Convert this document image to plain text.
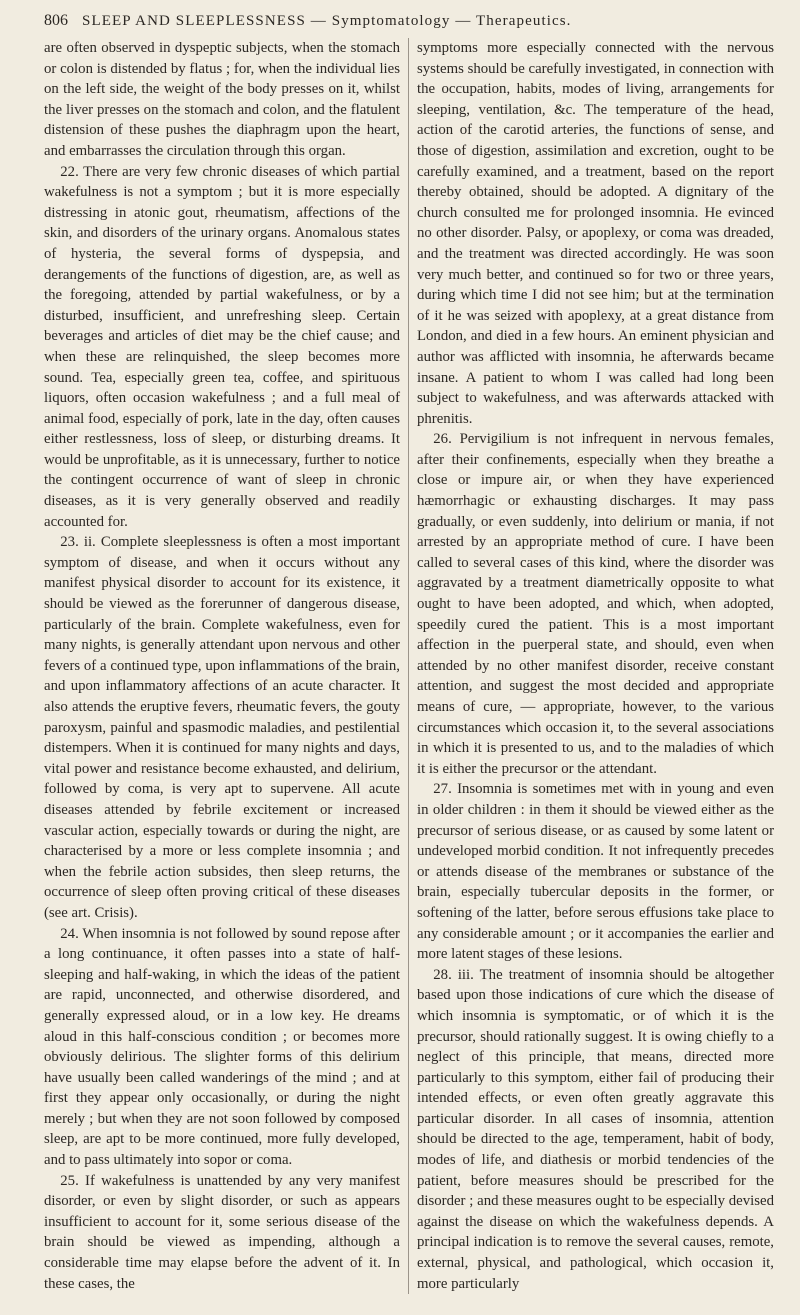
806 SLEEP AND SLEEPLESSNESS — Symptomatology — Therapeutics.

are often observed in dyspeptic subjects, when the stomach or colon is distended by flatus ; for, when the individual lies on the left side, the weight of the body presses on it, whilst the liver presses on the stomach and colon, and the flatulent distension of these pushes the diaphragm upon the heart, and embarrasses the circulation through this organ.

22. There are very few chronic diseases of which partial wakefulness is not a symptom ; but it is more especially distressing in atonic gout, rheumatism, affections of the skin, and disorders of the urinary organs. Anomalous states of hysteria, the several forms of dyspepsia, and derangements of the functions of digestion, are, as well as the foregoing, attended by partial wakefulness, or by a disturbed, insufficient, and unrefreshing sleep. Certain beverages and articles of diet may be the chief cause; and when these are relinquished, the sleep becomes more sound. Tea, especially green tea, coffee, and spirituous liquors, often occasion wakefulness ; and a full meal of animal food, especially of pork, late in the day, often causes either restlessness, loss of sleep, or disturbing dreams. It would be unprofitable, as it is unnecessary, further to notice the contingent occurrence of want of sleep in chronic diseases, as it is very generally observed and readily accounted for.

23. ii. Complete sleeplessness is often a most important symptom of disease, and when it occurs without any manifest physical disorder to account for its existence, it should be viewed as the forerunner of dangerous disease, particularly of the brain. Complete wakefulness, even for many nights, is generally attendant upon nervous and other fevers of a continued type, upon inflammations of the brain, and upon inflammatory affections of an acute character. It also attends the eruptive fevers, rheumatic fevers, the gouty paroxysm, painful and spasmodic maladies, and pestilential distempers. When it is continued for many nights and days, vital power and resistance become exhausted, and delirium, followed by coma, is very apt to supervene. All acute diseases attended by febrile excitement or increased vascular action, especially towards or during the night, are characterised by a more or less complete insomnia ; and when the febrile action subsides, then sleep returns, the occurrence of sleep often proving critical of these diseases (see art. Crisis).

24. When insomnia is not followed by sound repose after a long continuance, it often passes into a state of half-sleeping and half-waking, in which the ideas of the patient are rapid, unconnected, and otherwise disordered, and generally expressed aloud, or in a low key. He dreams aloud in this half-conscious condition ; or becomes more obviously delirious. The slighter forms of this delirium have usually been called wanderings of the mind ; and at first they appear only occasionally, or during the night merely ; but when they are not soon followed by composed sleep, are apt to be more continued, more fully developed, and to pass ultimately into sopor or coma.

25. If wakefulness is unattended by any very manifest disorder, or even by slight disorder, or such as appears insufficient to account for it, some serious disease of the brain should be viewed as impending, although a considerable time may elapse before the advent of it. In these cases, the

symptoms more especially connected with the nervous systems should be carefully investigated, in connection with the occupation, habits, modes of living, arrangements for sleeping, ventilation, &c. The temperature of the head, action of the carotid arteries, the functions of sense, and those of digestion, assimilation and excretion, ought to be carefully examined, and a treatment, based on the report thereby obtained, should be adopted. A dignitary of the church consulted me for prolonged insomnia. He evinced no other disorder. Palsy, or apoplexy, or coma was dreaded, and the treatment was directed accordingly. He was soon very much better, and continued so for two or three years, during which time I did not see him; but at the termination of it he was seized with apoplexy, at a great distance from London, and died in a few hours. An eminent physician and author was afflicted with insomnia, he afterwards became insane. A patient to whom I was called had long been subject to wakefulness, and was afterwards attacked with phrenitis.

26. Pervigilium is not infrequent in nervous females, after their confinements, especially when they breathe a close or impure air, or when they have experienced hæmorrhagic or exhausting discharges. It may pass gradually, or even suddenly, into delirium or mania, if not arrested by an appropriate method of cure. I have been called to several cases of this kind, where the disorder was aggravated by a treatment diametrically opposite to what ought to have been adopted, and which, when adopted, speedily cured the patient. This is a most important affection in the puerperal state, and should, even when attended by no other manifest disorder, receive constant attention, and suggest the most decided and appropriate means of cure, — appropriate, however, to the various circumstances which occasion it, to the several associations in which it is presented to us, and to the maladies of which it is either the precursor or the attendant.

27. Insomnia is sometimes met with in young and even in older children : in them it should be viewed either as the precursor of serious disease, or as caused by some latent or undeveloped morbid condition. It not infrequently precedes or attends disease of the membranes or substance of the brain, especially tubercular deposits in the former, or softening of the latter, before serous effusions take place to any considerable amount ; or it accompanies the earlier and more latent stages of these lesions.

28. iii. The treatment of insomnia should be altogether based upon those indications of cure which the disease of which insomnia is symptomatic, or of which it is the precursor, should rationally suggest. It is owing chiefly to a neglect of this principle, that means, directed more particularly to this symptom, either fail of producing their intended effects, or even often greatly aggravate this particular disorder. In all cases of insomnia, attention should be directed to the age, temperament, habit of body, modes of life, and diathesis or morbid tendencies of the patient, before measures should be prescribed for the disorder ; and these measures ought to be especially devised against the disease on which the wakefulness depends. A principal indication is to remove the several causes, remote, external, physical, and pathological, which occasion it, more particularly
